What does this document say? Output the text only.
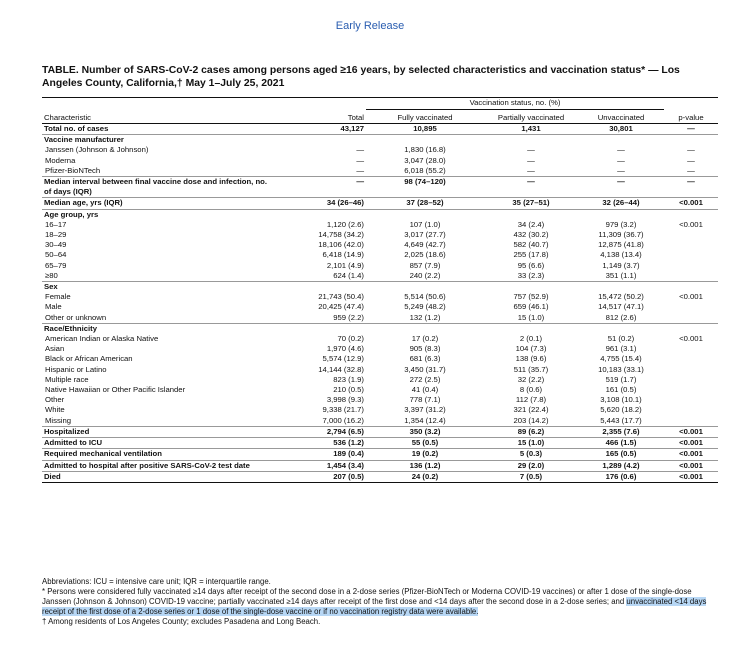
Early Release
TABLE. Number of SARS-CoV-2 cases among persons aged ≥16 years, by selected characteristics and vaccination status* — Los Angeles County, California,† May 1–July 25, 2021
		Vaccination status, no. (%)			
Characteristic	Total	Fully vaccinated	Partially vaccinated	Unvaccinated	p-value
Total no. of cases	43,127	10,895	1,431	30,801	—
Vaccine manufacturer					
Janssen (Johnson & Johnson)	—	1,830 (16.8)	—	—	—
Moderna	—	3,047 (28.0)	—	—	—
Pfizer-BioNTech	—	6,018 (55.2)	—	—	—
Median interval between final vaccine dose and infection, no. of days (IQR)	—	98 (74–120)	—	—	—
Median age, yrs (IQR)	34 (26–46)	37 (28–52)	35 (27–51)	32 (26–44)	<0.001
Age group, yrs					
16–17	1,120 (2.6)	107 (1.0)	34 (2.4)	979 (3.2)	<0.001
18–29	14,758 (34.2)	3,017 (27.7)	432 (30.2)	11,309 (36.7)	
30–49	18,106 (42.0)	4,649 (42.7)	582 (40.7)	12,875 (41.8)	
50–64	6,418 (14.9)	2,025 (18.6)	255 (17.8)	4,138 (13.4)	
65–79	2,101 (4.9)	857 (7.9)	95 (6.6)	1,149 (3.7)	
≥80	624 (1.4)	240 (2.2)	33 (2.3)	351 (1.1)	
Sex					
Female	21,743 (50.4)	5,514 (50.6)	757 (52.9)	15,472 (50.2)	<0.001
Male	20,425 (47.4)	5,249 (48.2)	659 (46.1)	14,517 (47.1)	
Other or unknown	959 (2.2)	132 (1.2)	15 (1.0)	812 (2.6)	
Race/Ethnicity					
American Indian or Alaska Native	70 (0.2)	17 (0.2)	2 (0.1)	51 (0.2)	<0.001
Asian	1,970 (4.6)	905 (8.3)	104 (7.3)	961 (3.1)	
Black or African American	5,574 (12.9)	681 (6.3)	138 (9.6)	4,755 (15.4)	
Hispanic or Latino	14,144 (32.8)	3,450 (31.7)	511 (35.7)	10,183 (33.1)	
Multiple race	823 (1.9)	272 (2.5)	32 (2.2)	519 (1.7)	
Native Hawaiian or Other Pacific Islander	210 (0.5)	41 (0.4)	8 (0.6)	161 (0.5)	
Other	3,998 (9.3)	778 (7.1)	112 (7.8)	3,108 (10.1)	
White	9,338 (21.7)	3,397 (31.2)	321 (22.4)	5,620 (18.2)	
Missing	7,000 (16.2)	1,354 (12.4)	203 (14.2)	5,443 (17.7)	
Hospitalized	2,794 (6.5)	350 (3.2)	89 (6.2)	2,355 (7.6)	<0.001
Admitted to ICU	536 (1.2)	55 (0.5)	15 (1.0)	466 (1.5)	<0.001
Required mechanical ventilation	189 (0.4)	19 (0.2)	5 (0.3)	165 (0.5)	<0.001
Admitted to hospital after positive SARS-CoV-2 test date	1,454 (3.4)	136 (1.2)	29 (2.0)	1,289 (4.2)	<0.001
Died	207 (0.5)	24 (0.2)	7 (0.5)	176 (0.6)	<0.001

Abbreviations: ICU = intensive care unit; IQR = interquartile range.

* Persons were considered fully vaccinated ≥14 days after receipt of the second dose in a 2-dose series (Pfizer-BioNTech or Moderna COVID-19 vaccines) or after 1 dose of the single-dose Janssen (Johnson & Johnson) COVID-19 vaccine; partially vaccinated ≥14 days after receipt of the first dose and <14 days after the second dose in a 2-dose series; and unvaccinated <14 days receipt of the first dose of a 2-dose series or 1 dose of the single-dose vaccine or if no vaccination registry data were available.

† Among residents of Los Angeles County; excludes Pasadena and Long Beach.
